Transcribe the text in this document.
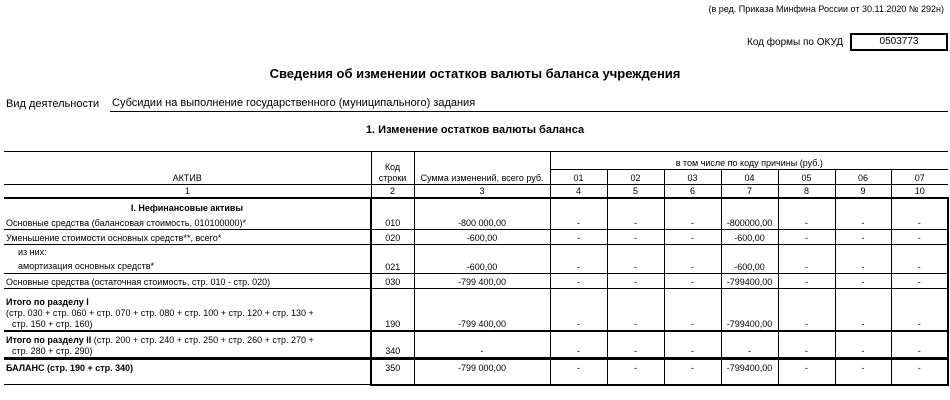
(в ред. Приказа Минфина России от 30.11.2020 № 292н)
Код формы по ОКУД	0503773
Сведения об изменении остатков валюты баланса учреждения
Вид деятельности Субсидии на выполнение государственного (муниципального) задания
1. Изменение остатков валюты баланса
АКТИВ	Код строки	Сумма изменений, всего руб.	в том числе по коду причины (руб.)						
			01	02	03	04	05	06	07
1	2	3	4	5	6	7	8	9	10
I. Нефинансовые активы									
Основные средства (балансовая стоимость, 010100000)*	010	-800 000,00	-	-	-	-800000,00	-	-	-
Уменьшение стоимости основных средств**, всего*	020	-600,00	-	-	-	-600,00	-	-	-

из них:
амортизация основных средств*	021	-600,00	-	-	-	-600,00	-	-	-
Основные средства (остаточная стоимость, стр. 010 - стр. 020)	030	-799 400,00	-	-	-	-799400,00	-	-	-

Итого по разделу I
(стр. 030 + стр. 060 + стр. 070 + стр. 080 + стр. 100 + стр. 120 + стр. 130 +
стр. 150 + стр. 160)	190	-799 400,00	-	-	-	-799400,00	-	-	-

Итого по разделу II (стр. 200 + стр. 240 + стр. 250 + стр. 260 + стр. 270 +
стр. 280 + стр. 290)	340	-	-	-	-	-	-	-	-
БАЛАНС (стр. 190 + стр. 340)	350	-799 000,00	-	-	-	-799400,00	-	-	-
